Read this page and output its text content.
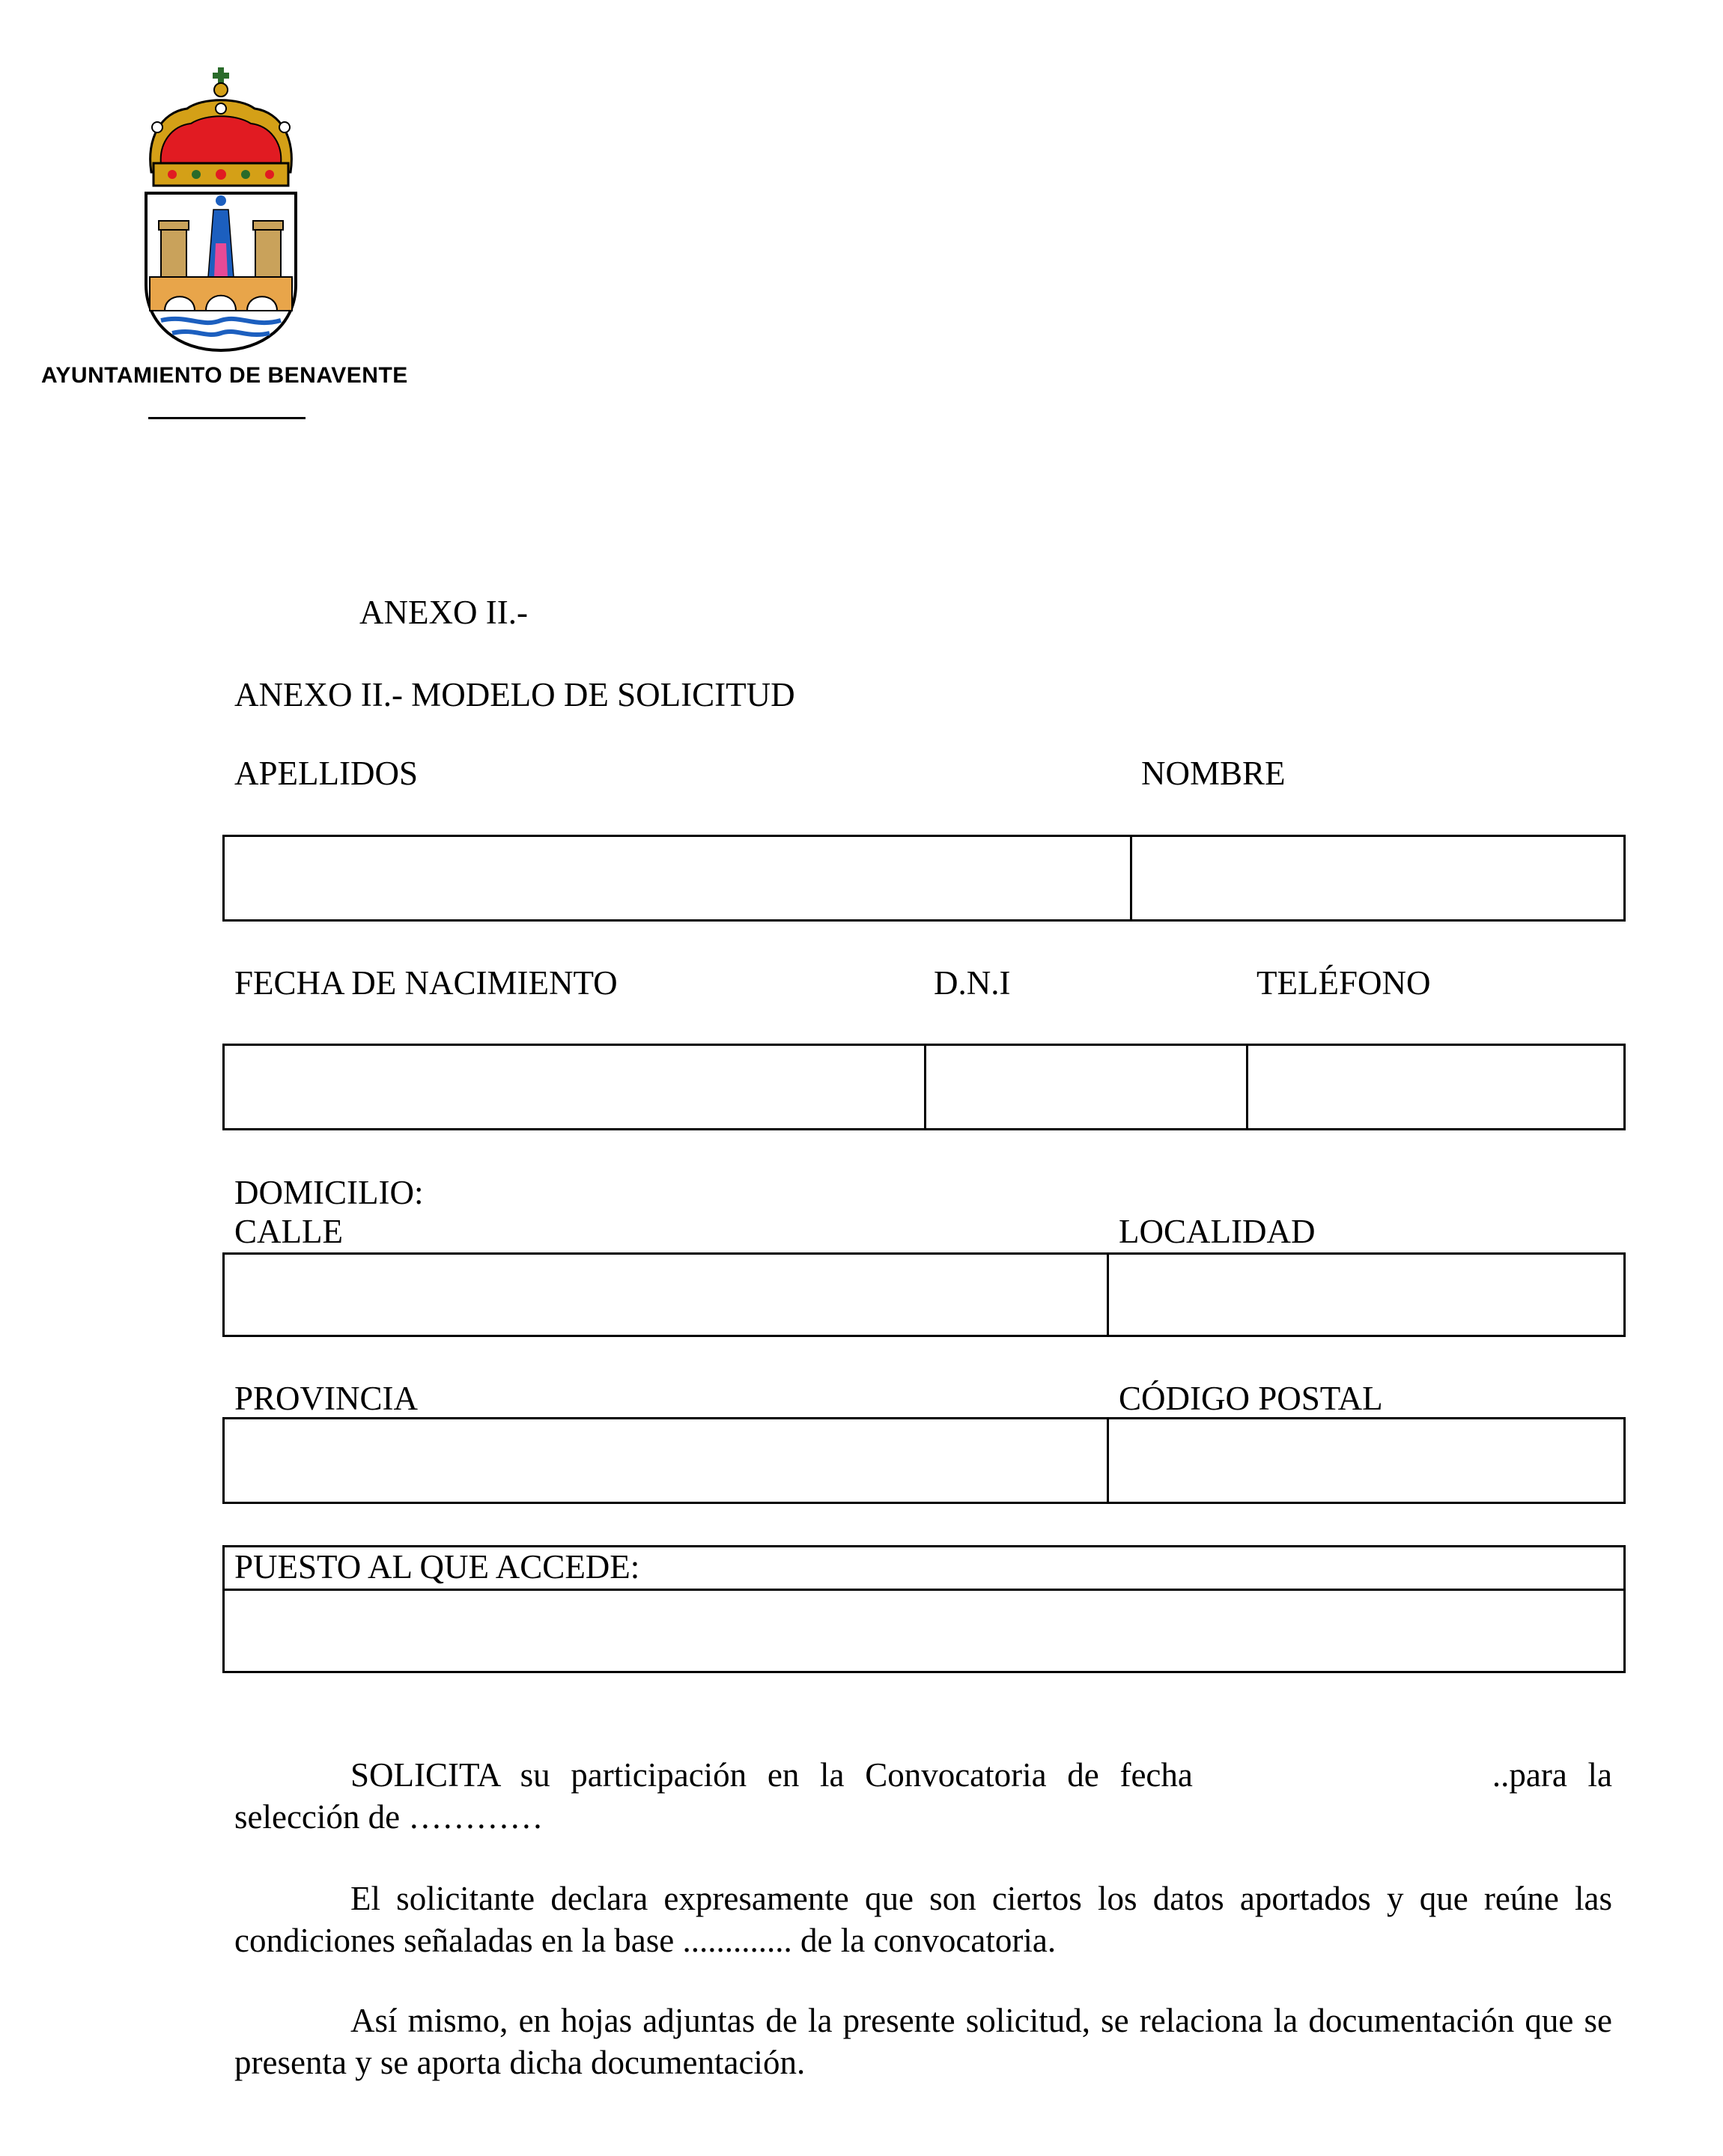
AYUNTAMIENTO DE BENAVENTE
ANEXO II.-
ANEXO II.- MODELO DE SOLICITUD
APELLIDOS	NOMBRE
FECHA DE NACIMIENTO	D.N.I	TELÉFONO
DOMICILIO:
CALLE	LOCALIDAD
PROVINCIA	CÓDIGO POSTAL
PUESTO AL QUE ACCEDE:
SOLICITA su participación en la Convocatoria de fecha	..para la selección de …………
El solicitante declara expresamente que son ciertos los datos aportados y que reúne las condiciones señaladas en la base ............. de la convocatoria.
Así mismo, en hojas adjuntas de la presente solicitud, se relaciona la documentación que se presenta y se aporta dicha documentación.
